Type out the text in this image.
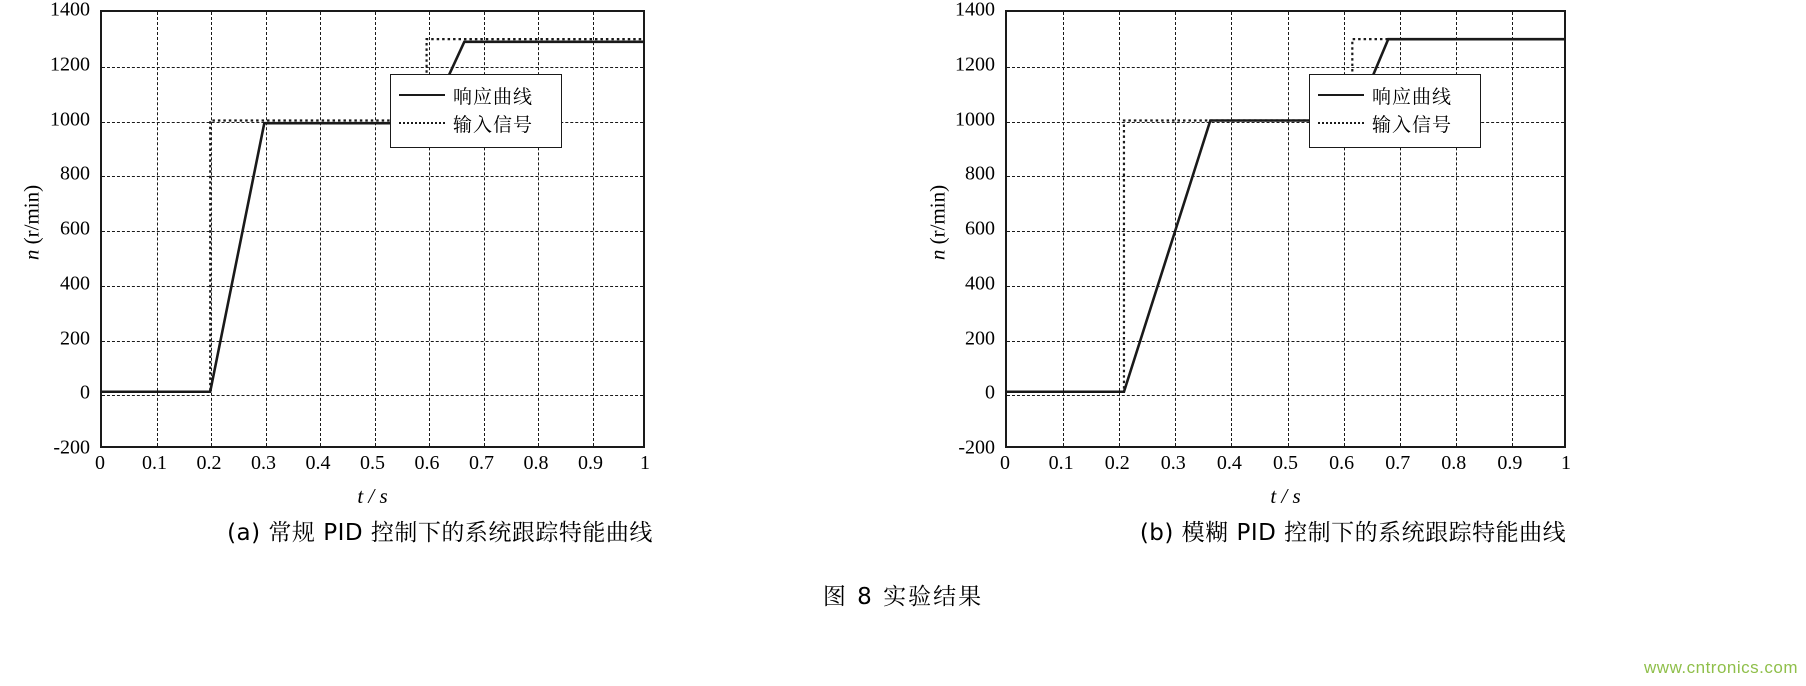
n (r/min)
1400
1200
1000
800
600
400
200
0
-200
响应曲线
输入信号
0 0.1 0.2 0.3 0.4 0.5 0.6 0.7 0.8 0.9 1
t / s
(a) 常规 PID 控制下的系统跟踪特能曲线
n (r/min)
1400
1200
1000
800
600
400
200
0
-200
响应曲线
输入信号
0 0.1 0.2 0.3 0.4 0.5 0.6 0.7 0.8 0.9 1
t / s
(b) 模糊 PID 控制下的系统跟踪特能曲线
图 8 实验结果
www.cntronics.com
